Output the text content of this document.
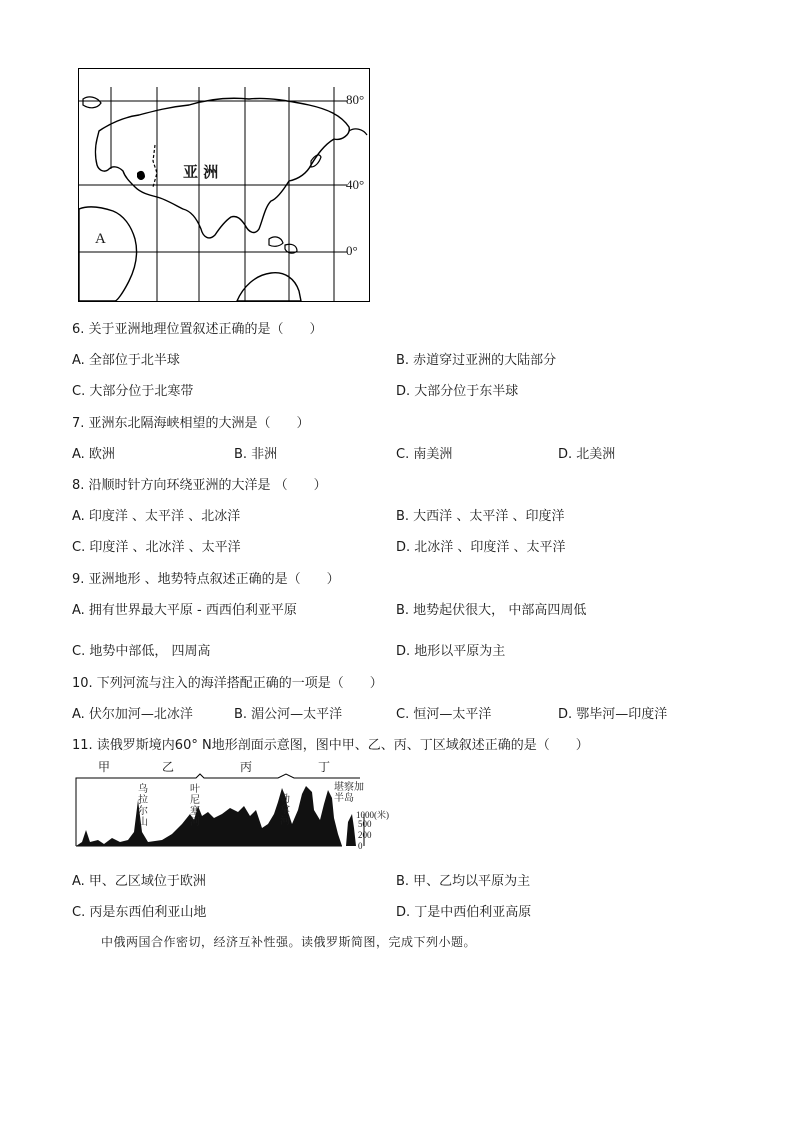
亚 洲
A
80°
40°
0°
6. 关于亚洲地理位置叙述正确的是（　　）
A. 全部位于北半球	B. 赤道穿过亚洲的大陆部分
C. 大部分位于北寒带	D. 大部分位于东半球
7. 亚洲东北隔海峡相望的大洲是（　　）
A. 欧洲	B. 非洲	C. 南美洲	D. 北美洲
8. 沿顺时针方向环绕亚洲的大洋是 （　　）
A. 印度洋 、太平洋 、北冰洋	B. 大西洋 、太平洋 、印度洋
C. 印度洋 、北冰洋 、太平洋	D. 北冰洋 、印度洋 、太平洋
9. 亚洲地形 、地势特点叙述正确的是（　　）
A. 拥有世界最大平原 - 西西伯利亚平原	B. 地势起伏很大， 中部高四周低
C. 地势中部低， 四周高	D. 地形以平原为主
10. 下列河流与注入的海洋搭配正确的一项是（　　）
A. 伏尔加河—北冰洋	B. 湄公河—太平洋	C. 恒河—太平洋	D. 鄂毕河—印度洋
11. 读俄罗斯境内60° N地形剖面示意图，图中甲、乙、丙、丁区域叙述正确的是（　　）
甲	乙	丙	丁
乌拉尔山
叶尼塞河
勒拿河
堪察加半岛
1000(米)
500
200
0
A. 甲、乙区域位于欧洲	B. 甲、乙均以平原为主
C. 丙是东西伯利亚山地	D. 丁是中西伯利亚高原
中俄两国合作密切，经济互补性强。读俄罗斯简图，完成下列小题。
